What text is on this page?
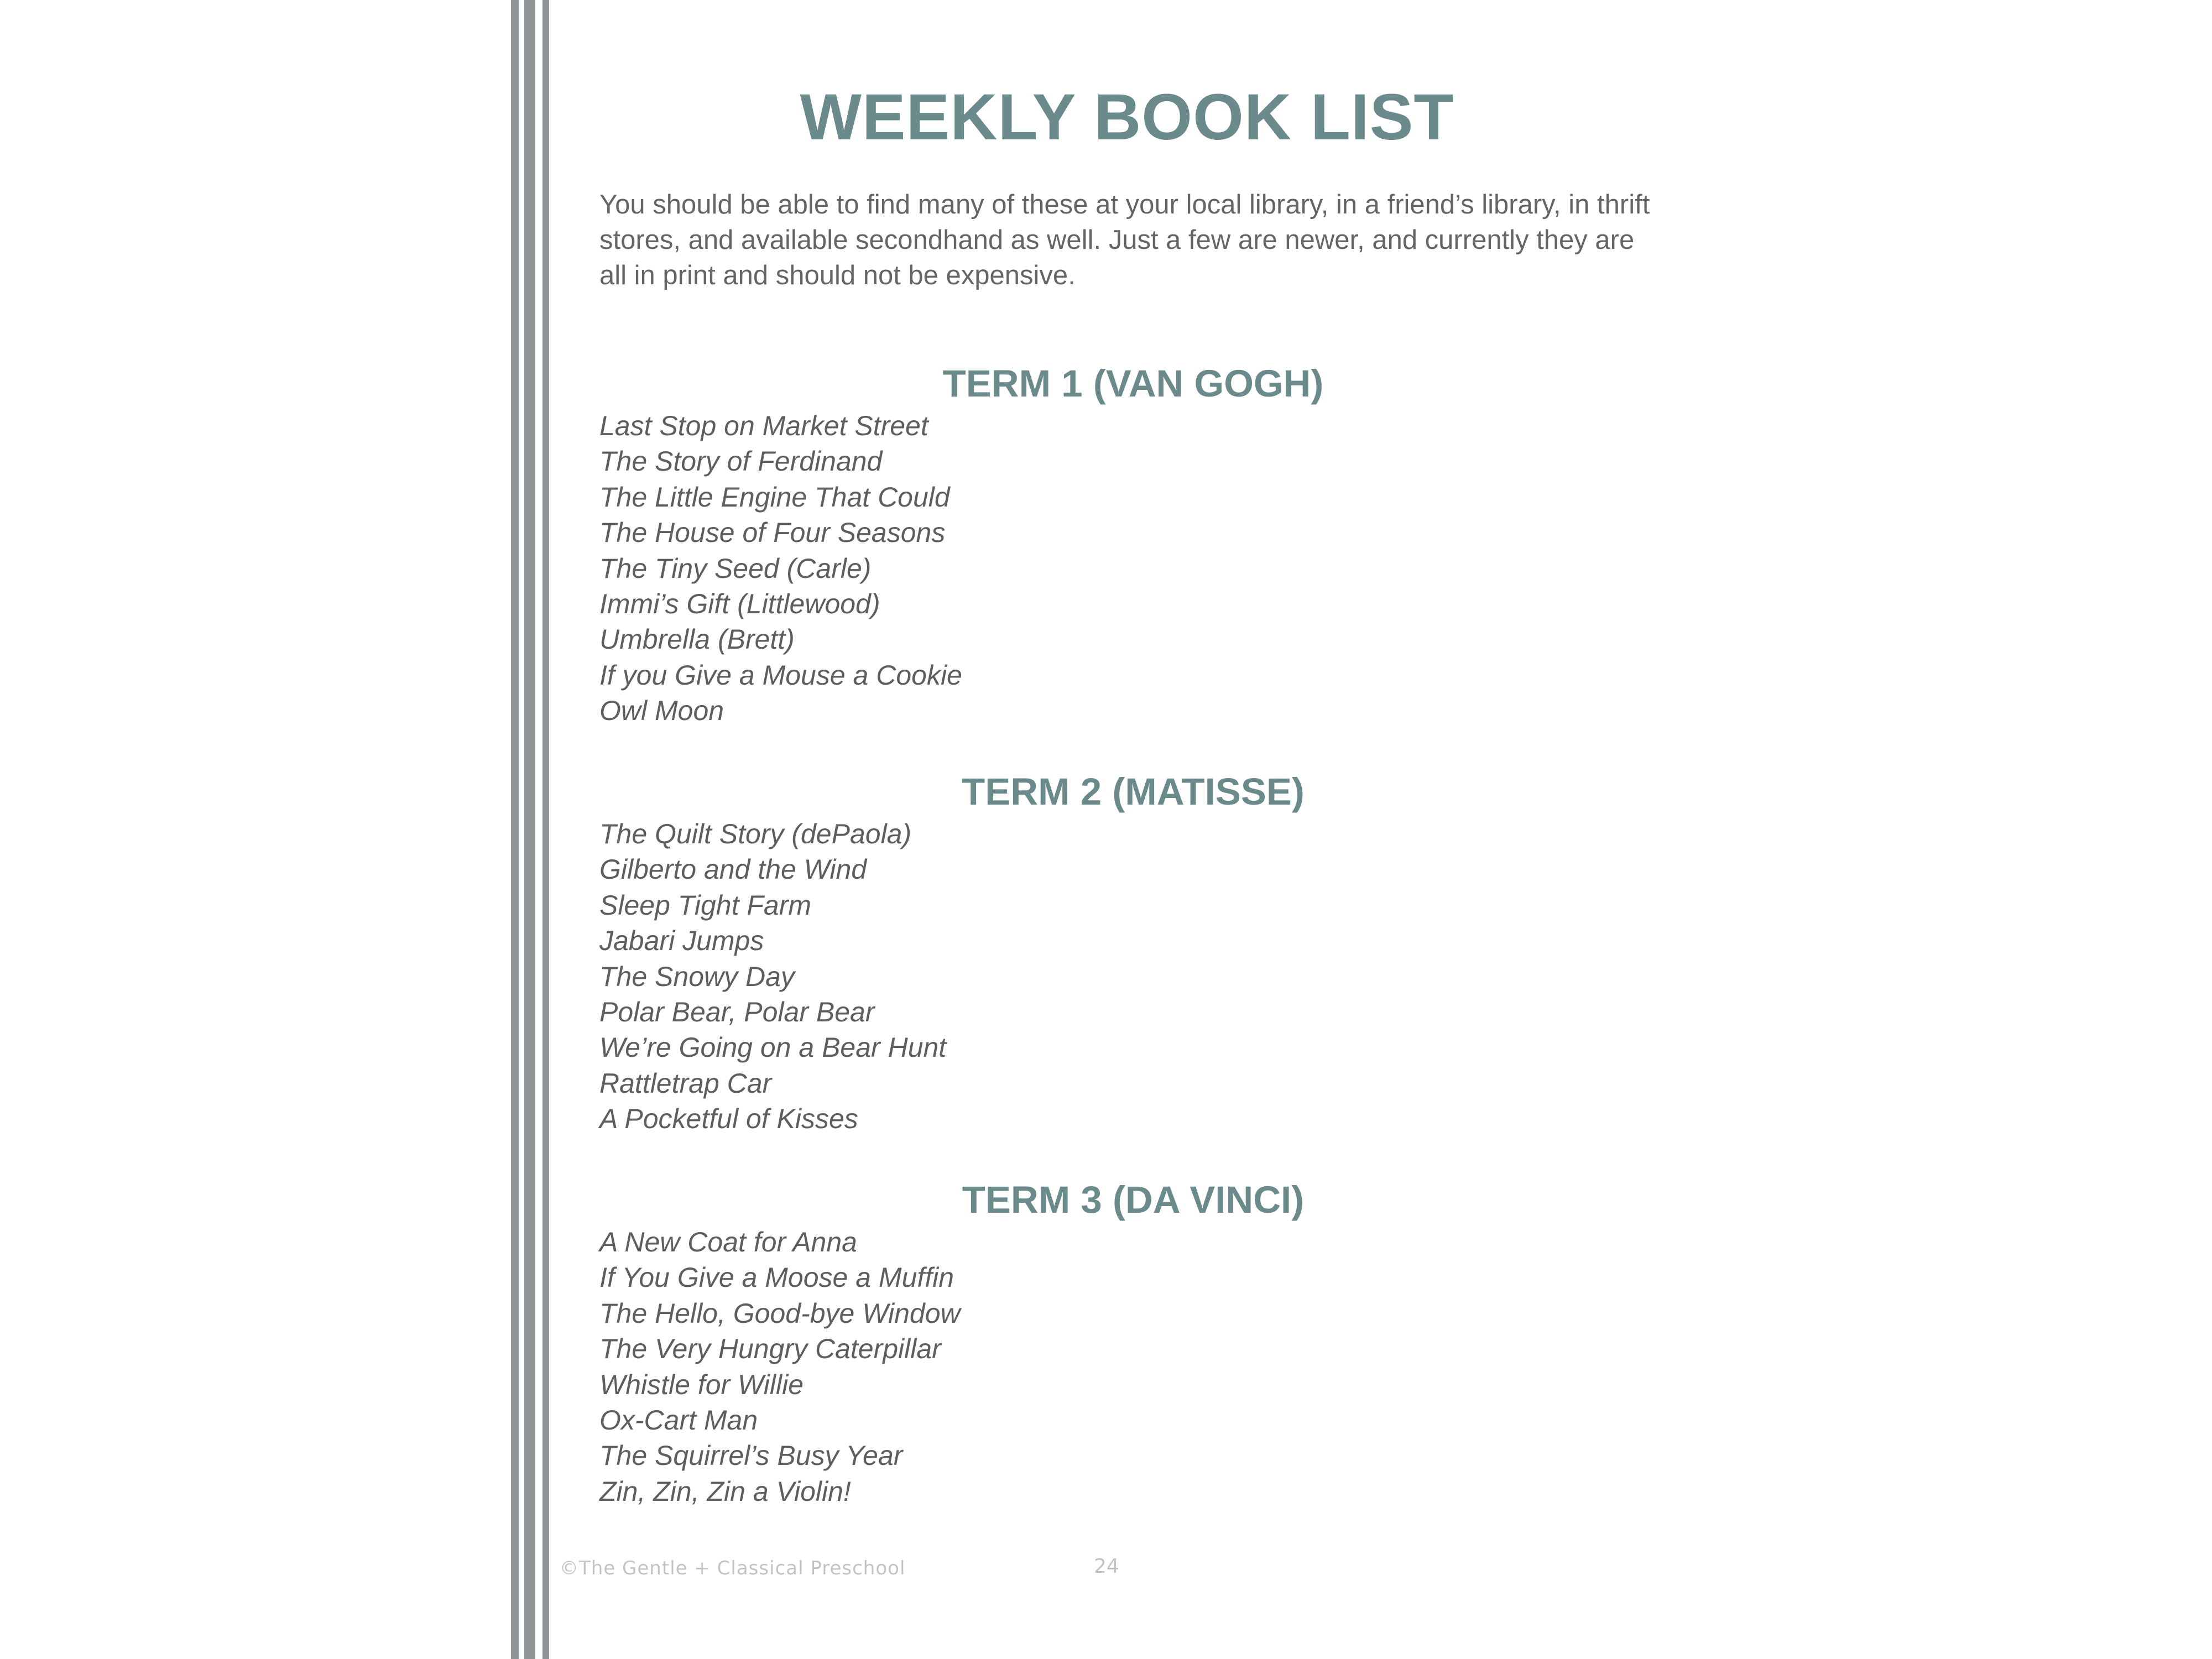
WEEKLY BOOK LIST

You should be able to find many of these at your local library, in a friend’s library, in thrift stores, and available secondhand as well. Just a few are newer, and currently they are all in print and should not be expensive.

TERM 1 (VAN GOGH)
Last Stop on Market Street
The Story of Ferdinand
The Little Engine That Could
The House of Four Seasons
The Tiny Seed (Carle)
Immi’s Gift (Littlewood)
Umbrella (Brett)
If you Give a Mouse a Cookie
Owl Moon
TERM 2 (MATISSE)
The Quilt Story (dePaola)
Gilberto and the Wind
Sleep Tight Farm
Jabari Jumps
The Snowy Day
Polar Bear, Polar Bear
We’re Going on a Bear Hunt
Rattletrap Car
A Pocketful of Kisses
TERM 3 (DA VINCI)
A New Coat for Anna
If You Give a Moose a Muffin
The Hello, Good-bye Window
The Very Hungry Caterpillar
Whistle for Willie
Ox-Cart Man
The Squirrel’s Busy Year
Zin, Zin, Zin a Violin!
©The Gentle + Classical Preschool	24
